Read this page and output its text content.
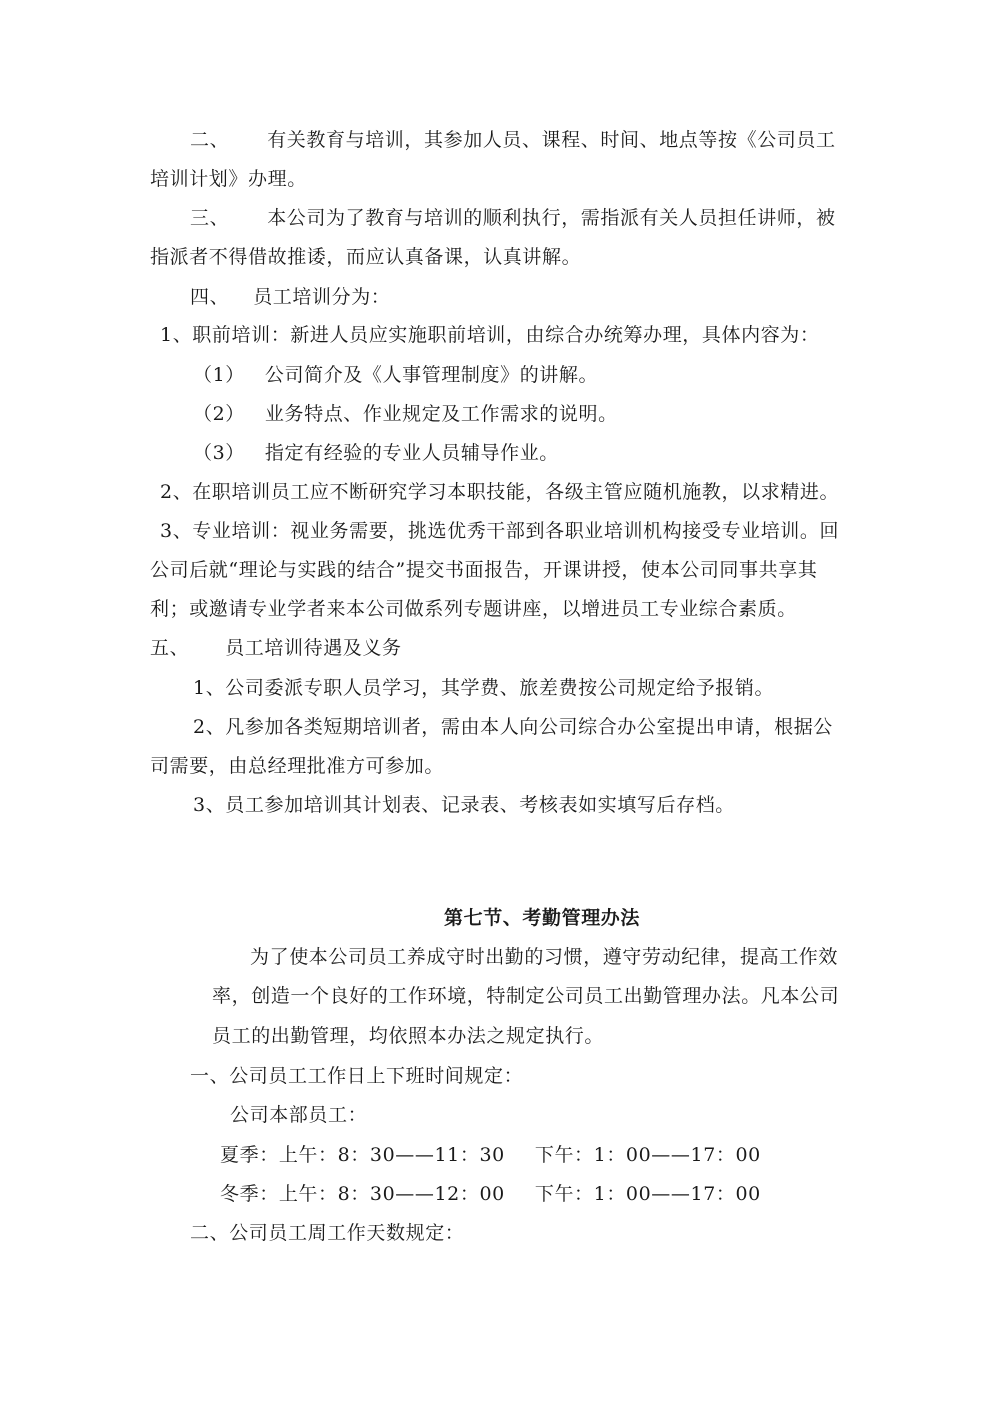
二、 有关教育与培训，其参加人员、课程、时间、地点等按《公司员工
培训计划》办理。
三、 本公司为了教育与培训的顺利执行，需指派有关人员担任讲师，被
指派者不得借故推诿，而应认真备课，认真讲解。
四、 员工培训分为：
1、职前培训：新进人员应实施职前培训，由综合办统筹办理，具体内容为：
（1） 公司简介及《人事管理制度》的讲解。
（2） 业务特点、作业规定及工作需求的说明。
（3） 指定有经验的专业人员辅导作业。
2、在职培训员工应不断研究学习本职技能，各级主管应随机施教，以求精进。
3、专业培训：视业务需要，挑选优秀干部到各职业培训机构接受专业培训。回
公司后就“理论与实践的结合”提交书面报告，开课讲授，使本公司同事共享其
利；或邀请专业学者来本公司做系列专题讲座，以增进员工专业综合素质。
五、 员工培训待遇及义务
1、公司委派专职人员学习，其学费、旅差费按公司规定给予报销。
2、凡参加各类短期培训者，需由本人向公司综合办公室提出申请，根据公
司需要，由总经理批准方可参加。
3、员工参加培训其计划表、记录表、考核表如实填写后存档。
第七节、考勤管理办法
为了使本公司员工养成守时出勤的习惯，遵守劳动纪律，提高工作效
率，创造一个良好的工作环境，特制定公司员工出勤管理办法。凡本公司
员工的出勤管理，均依照本办法之规定执行。
一、公司员工工作日上下班时间规定：
公司本部员工：
夏季：上午：8：30——11：30 下午：1：00——17：00
冬季：上午：8：30——12：00 下午：1：00——17：00
二、公司员工周工作天数规定：
